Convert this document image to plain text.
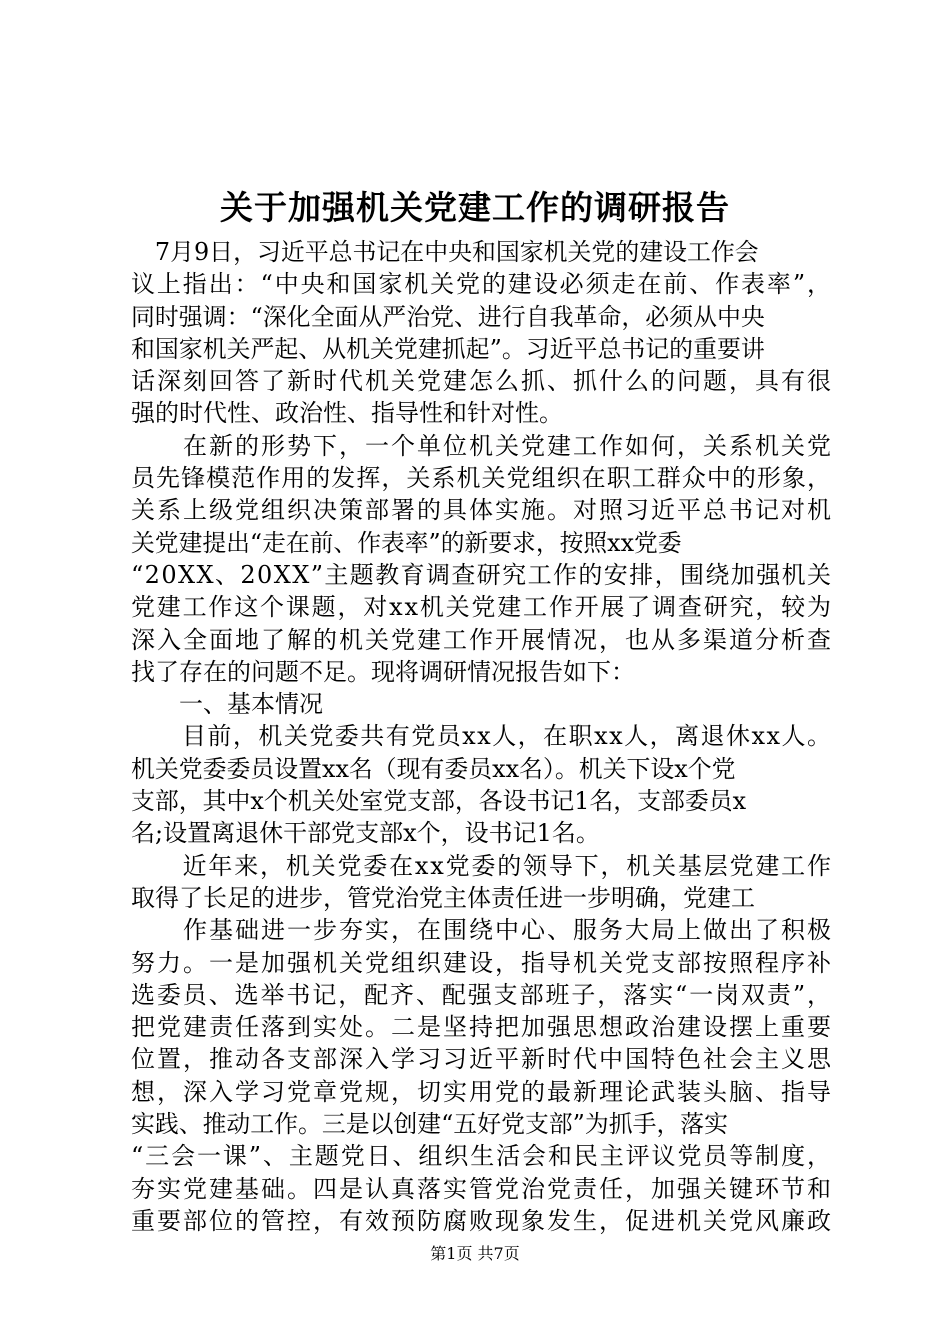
关于加强机关党建工作的调研报告
　7月9日，习近平总书记在中央和国家机关党的建设工作会
议上指出：“中央和国家机关党的建设必须走在前、作表率”，
同时强调：“深化全面从严治党、进行自我革命，必须从中央
和国家机关严起、从机关党建抓起”。习近平总书记的重要讲
话深刻回答了新时代机关党建怎么抓、抓什么的问题，具有很
强的时代性、政治性、指导性和针对性。
　　在新的形势下，一个单位机关党建工作如何，关系机关党
员先锋模范作用的发挥，关系机关党组织在职工群众中的形象，
关系上级党组织决策部署的具体实施。对照习近平总书记对机
关党建提出“走在前、作表率”的新要求，按照xx党委
“20XX、20XX”主题教育调查研究工作的安排，围绕加强机关
党建工作这个课题，对xx机关党建工作开展了调查研究，较为
深入全面地了解的机关党建工作开展情况，也从多渠道分析查
找了存在的问题不足。现将调研情况报告如下：
　　一、基本情况
　　目前，机关党委共有党员xx人，在职xx人，离退休xx人。
机关党委委员设置xx名（现有委员xx名）。机关下设x个党
支部，其中x个机关处室党支部，各设书记1名，支部委员x
名;设置离退休干部党支部x个，设书记1名。
　　近年来，机关党委在xx党委的领导下，机关基层党建工作
取得了长足的进步，管党治党主体责任进一步明确，党建工
　　作基础进一步夯实，在围绕中心、服务大局上做出了积极
努力。一是加强机关党组织建设，指导机关党支部按照程序补
选委员、选举书记，配齐、配强支部班子，落实“一岗双责”，
把党建责任落到实处。二是坚持把加强思想政治建设摆上重要
位置，推动各支部深入学习习近平新时代中国特色社会主义思
想，深入学习党章党规，切实用党的最新理论武装头脑、指导
实践、推动工作。三是以创建“五好党支部”为抓手，落实
“三会一课”、主题党日、组织生活会和民主评议党员等制度，
夯实党建基础。四是认真落实管党治党责任，加强关键环节和
重要部位的管控，有效预防腐败现象发生，促进机关党风廉政
第1页 共7页
